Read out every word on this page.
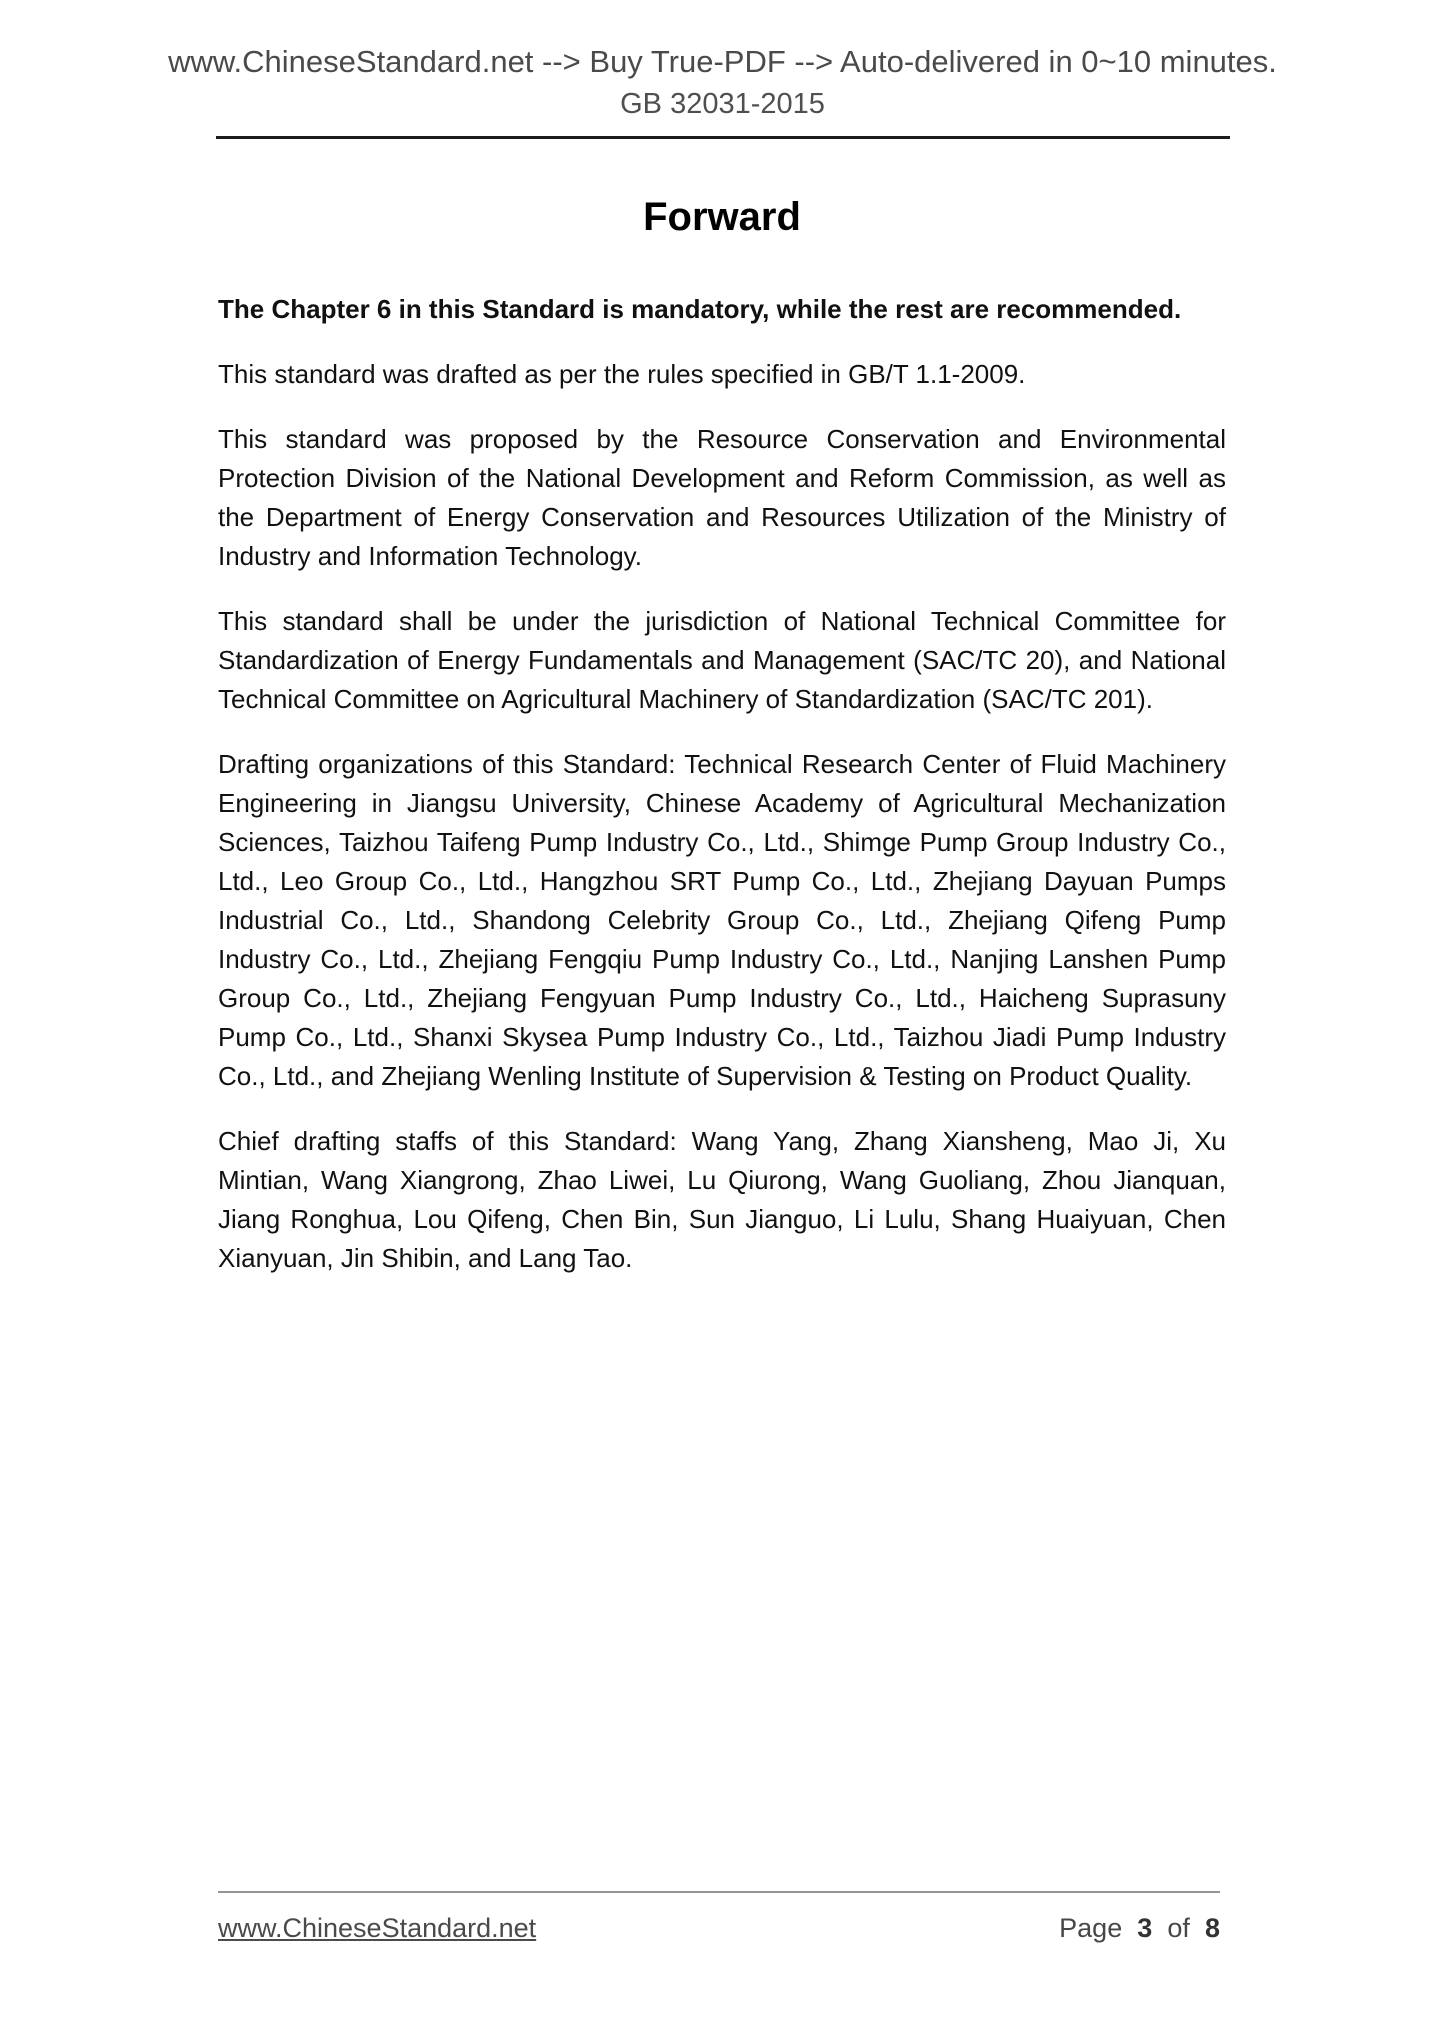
www.ChineseStandard.net --> Buy True-PDF --> Auto-delivered in 0~10 minutes.
GB 32031-2015
Forward

The Chapter 6 in this Standard is mandatory, while the rest are recommended.

This standard was drafted as per the rules specified in GB/T 1.1-2009.

This standard was proposed by the Resource Conservation and Environmental Protection Division of the National Development and Reform Commission, as well as the Department of Energy Conservation and Resources Utilization of the Ministry of Industry and Information Technology.

This standard shall be under the jurisdiction of National Technical Committee for Standardization of Energy Fundamentals and Management (SAC/TC 20), and National Technical Committee on Agricultural Machinery of Standardization (SAC/TC 201).

Drafting organizations of this Standard: Technical Research Center of Fluid Machinery Engineering in Jiangsu University, Chinese Academy of Agricultural Mechanization Sciences, Taizhou Taifeng Pump Industry Co., Ltd., Shimge Pump Group Industry Co., Ltd., Leo Group Co., Ltd., Hangzhou SRT Pump Co., Ltd., Zhejiang Dayuan Pumps Industrial Co., Ltd., Shandong Celebrity Group Co., Ltd., Zhejiang Qifeng Pump Industry Co., Ltd., Zhejiang Fengqiu Pump Industry Co., Ltd., Nanjing Lanshen Pump Group Co., Ltd., Zhejiang Fengyuan Pump Industry Co., Ltd., Haicheng Suprasuny Pump Co., Ltd., Shanxi Skysea Pump Industry Co., Ltd., Taizhou Jiadi Pump Industry Co., Ltd., and Zhejiang Wenling Institute of Supervision & Testing on Product Quality.

Chief drafting staffs of this Standard: Wang Yang, Zhang Xiansheng, Mao Ji, Xu Mintian, Wang Xiangrong, Zhao Liwei, Lu Qiurong, Wang Guoliang, Zhou Jianquan, Jiang Ronghua, Lou Qifeng, Chen Bin, Sun Jianguo, Li Lulu, Shang Huaiyuan, Chen Xianyuan, Jin Shibin, and Lang Tao.

www.ChineseStandard.net	Page 3 of 8
